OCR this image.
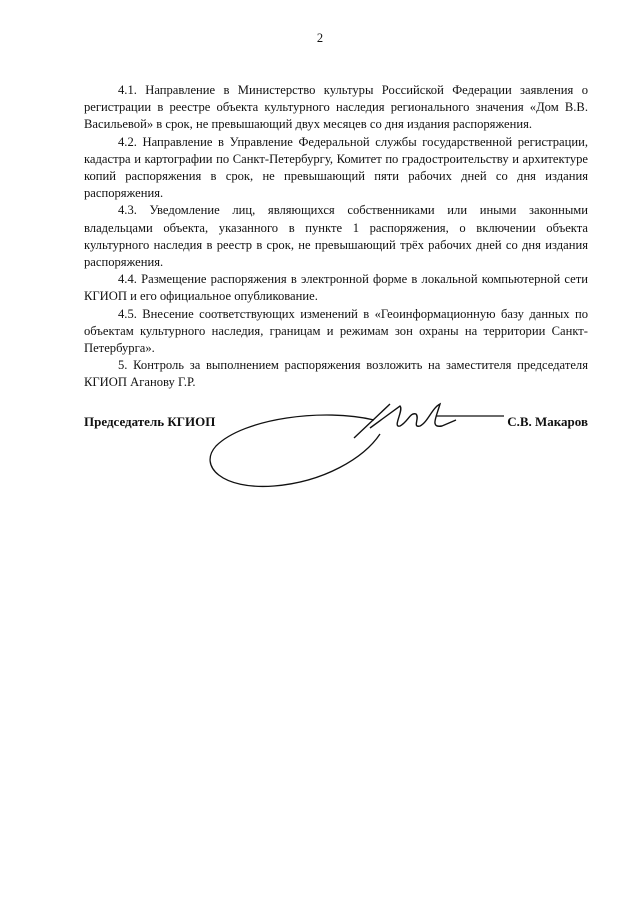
2

4.1. Направление в Министерство культуры Российской Федерации заявления о регистрации в реестре объекта культурного наследия регионального значения «Дом В.В. Васильевой» в срок, не превышающий двух месяцев со дня издания распоряжения.

4.2. Направление в Управление Федеральной службы государственной регистрации, кадастра и картографии по Санкт-Петербургу, Комитет по градостроительству и архитектуре копий распоряжения в срок, не превышающий пяти рабочих дней со дня издания распоряжения.

4.3. Уведомление лиц, являющихся собственниками или иными законными владельцами объекта, указанного в пункте 1 распоряжения, о включении объекта культурного наследия в реестр в срок, не превышающий трёх рабочих дней со дня издания распоряжения.

4.4. Размещение распоряжения в электронной форме в локальной компьютерной сети КГИОП и его официальное опубликование.

4.5. Внесение соответствующих изменений в «Геоинформационную базу данных по объектам культурного наследия, границам и режимам зон охраны на территории Санкт-Петербурга».

5. Контроль за выполнением распоряжения возложить на заместителя председателя КГИОП Аганову Г.Р.

Председатель КГИОП	С.В. Макаров
